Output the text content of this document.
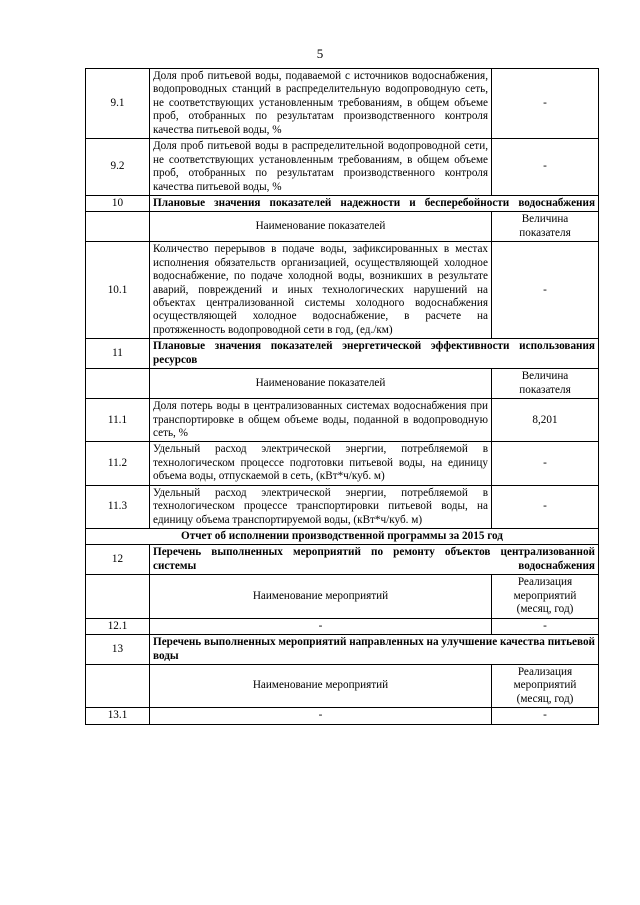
5
9.1	Доля проб питьевой воды, подаваемой с источников водоснабжения, водопроводных станций в распределительную водопроводную сеть, не соответствующих установленным требованиям, в общем объеме проб, отобранных по результатам производственного контроля качества питьевой воды, %	-
9.2	Доля проб питьевой воды в распределительной водопроводной сети, не соответствующих установленным требованиям, в общем объеме проб, отобранных по результатам производственного контроля качества питьевой воды, %	-
10	Плановые значения показателей надежности и бесперебойности водоснабжения	
	Наименование показателей	Величина показателя
10.1	Количество перерывов в подаче воды, зафиксированных в местах исполнения обязательств организацией, осуществляющей холодное водоснабжение, по подаче холодной воды, возникших в результате аварий, повреждений и иных технологических нарушений на объектах централизованной системы холодного водоснабжения осуществляющей холодное водоснабжение, в расчете на протяженность водопроводной сети в год, (ед./км)	-
11	Плановые значения показателей энергетической эффективности использования ресурсов	
	Наименование показателей	Величина показателя
11.1	Доля потерь воды в централизованных системах водоснабжения при транспортировке в общем объеме воды, поданной в водопроводную сеть, %	8,201
11.2	Удельный расход электрической энергии, потребляемой в технологическом процессе подготовки питьевой воды, на единицу объема воды, отпускаемой в сеть, (кВт*ч/куб. м)	-
11.3	Удельный расход электрической энергии, потребляемой в технологическом процессе транспортировки питьевой воды, на единицу объема транспортируемой воды, (кВт*ч/куб. м)	-
Отчет об исполнении производственной программы за 2015 год		
12	Перечень выполненных мероприятий по ремонту объектов централизованной системы водоснабжения	
	Наименование мероприятий	Реализация мероприятий (месяц, год)
12.1	-	-
13	Перечень выполненных мероприятий направленных на улучшение качества питьевой воды	
	Наименование мероприятий	Реализация мероприятий (месяц, год)
13.1	-	-
